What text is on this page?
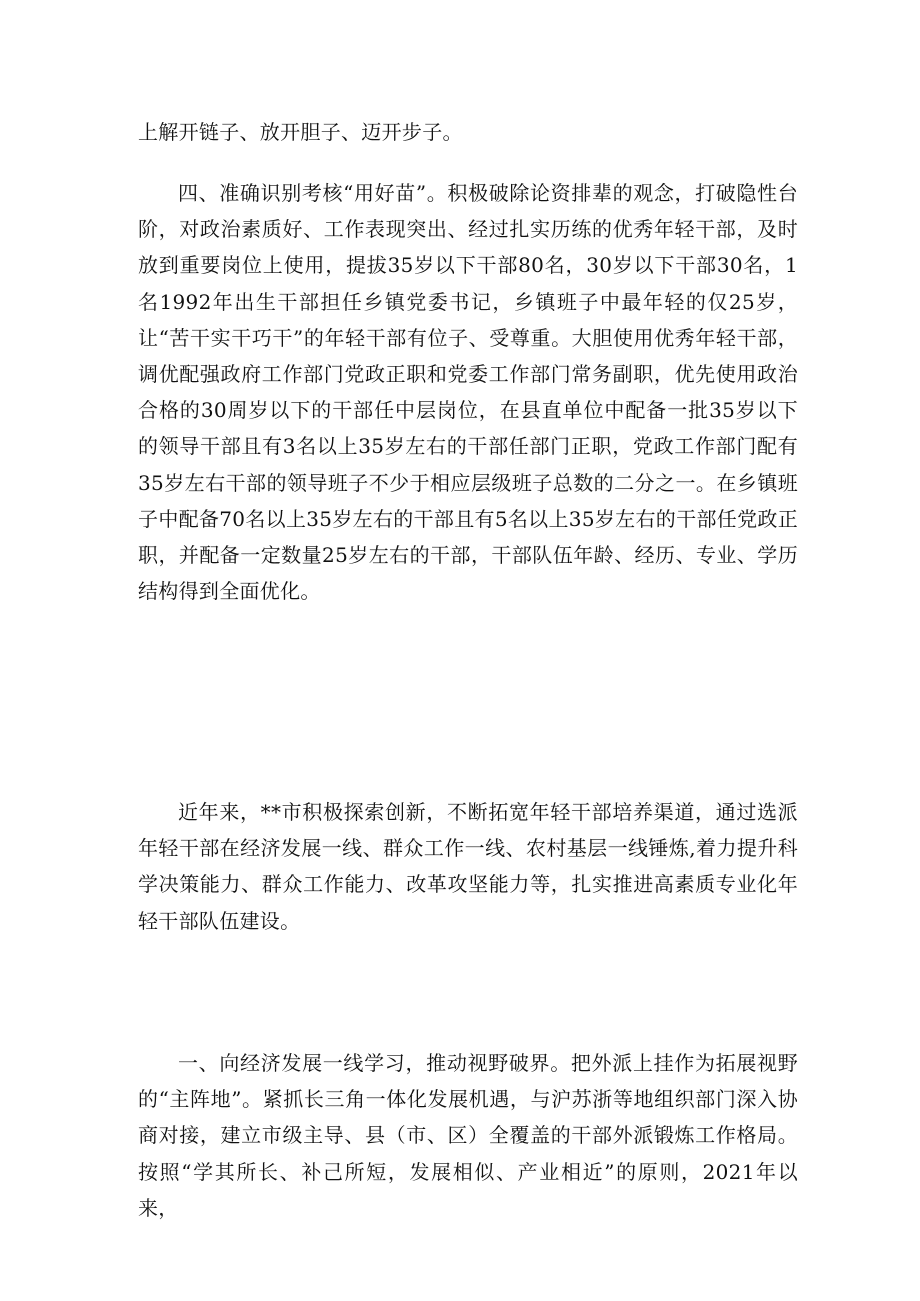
上解开链子、放开胆子、迈开步子。

四、准确识别考核“用好苗”。积极破除论资排辈的观念，打破隐性台阶，对政治素质好、工作表现突出、经过扎实历练的优秀年轻干部，及时放到重要岗位上使用，提拔35岁以下干部80名，30岁以下干部30名，1名1992年出生干部担任乡镇党委书记，乡镇班子中最年轻的仅25岁，让“苦干实干巧干”的年轻干部有位子、受尊重。大胆使用优秀年轻干部，调优配强政府工作部门党政正职和党委工作部门常务副职，优先使用政治合格的30周岁以下的干部任中层岗位，在县直单位中配备一批35岁以下的领导干部且有3名以上35岁左右的干部任部门正职，党政工作部门配有35岁左右干部的领导班子不少于相应层级班子总数的二分之一。在乡镇班子中配备70名以上35岁左右的干部且有5名以上35岁左右的干部任党政正职，并配备一定数量25岁左右的干部，干部队伍年龄、经历、专业、学历结构得到全面优化。

近年来，**市积极探索创新，不断拓宽年轻干部培养渠道，通过选派年轻干部在经济发展一线、群众工作一线、农村基层一线锤炼,着力提升科学决策能力、群众工作能力、改革攻坚能力等，扎实推进高素质专业化年轻干部队伍建设。

一、向经济发展一线学习，推动视野破界。把外派上挂作为拓展视野的“主阵地”。紧抓长三角一体化发展机遇，与沪苏浙等地组织部门深入协商对接，建立市级主导、县（市、区）全覆盖的干部外派锻炼工作格局。按照“学其所长、补己所短，发展相似、产业相近”的原则，2021年以来，
